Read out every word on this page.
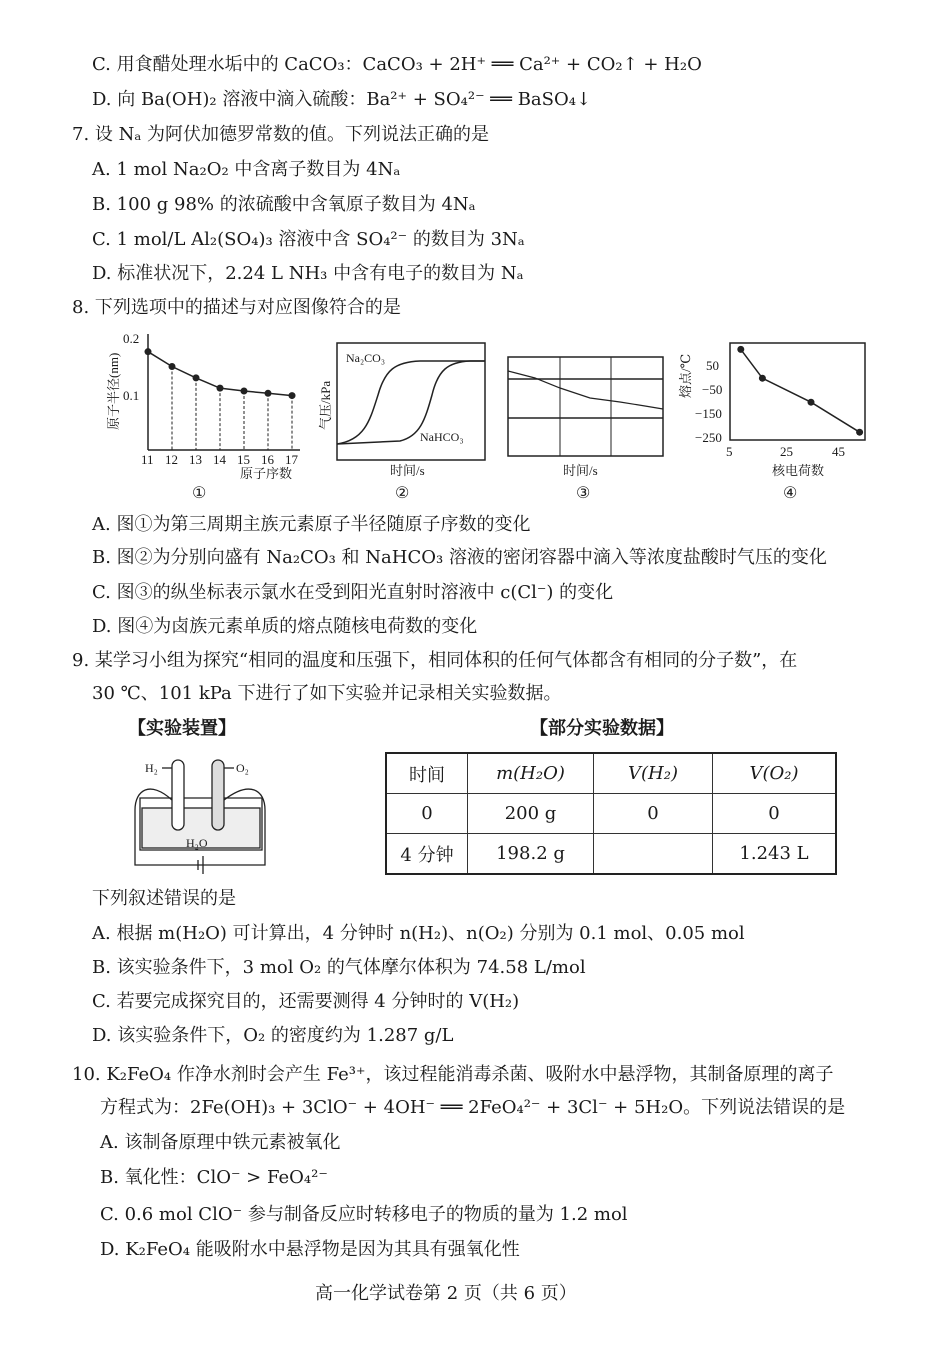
C. 用食醋处理水垢中的 CaCO₃：CaCO₃ + 2H⁺ ══ Ca²⁺ + CO₂↑ + H₂O
D. 向 Ba(OH)₂ 溶液中滴入硫酸：Ba²⁺ + SO₄²⁻ ══ BaSO₄↓
7. 设 Nₐ 为阿伏加德罗常数的值。下列说法正确的是
A. 1 mol Na₂O₂ 中含离子数目为 4Nₐ
B. 100 g 98% 的浓硫酸中含氧原子数目为 4Nₐ
C. 1 mol/L Al₂(SO₄)₃ 溶液中含 SO₄²⁻ 的数目为 3Nₐ
D. 标准状况下，2.24 L NH₃ 中含有电子的数目为 Nₐ
8. 下列选项中的描述与对应图像符合的是
0.2
0.1
原子半径(nm)
原子序数
①
11 12 13 14 15 16 17
Na₂CO₃
NaHCO₃
气压/kPa
时间/s
②
时间/s
③
50
−50
−150
−250
5	25	45
熔点/℃
核电荷数
④
H₂	O₂
H₂O
A. 图①为第三周期主族元素原子半径随原子序数的变化
B. 图②为分别向盛有 Na₂CO₃ 和 NaHCO₃ 溶液的密闭容器中滴入等浓度盐酸时气压的变化
C. 图③的纵坐标表示氯水在受到阳光直射时溶液中 c(Cl⁻) 的变化
D. 图④为卤族元素单质的熔点随核电荷数的变化
9. 某学习小组为探究“相同的温度和压强下，相同体积的任何气体都含有相同的分子数”，在
30 ℃、101 kPa 下进行了如下实验并记录相关实验数据。
【实验装置】	【部分实验数据】
时间	m(H₂O)	V(H₂)	V(O₂)
0	200 g	0	0
4 分钟	198.2 g		1.243 L
下列叙述错误的是
A. 根据 m(H₂O) 可计算出，4 分钟时 n(H₂)、n(O₂) 分别为 0.1 mol、0.05 mol
B. 该实验条件下，3 mol O₂ 的气体摩尔体积为 74.58 L/mol
C. 若要完成探究目的，还需要测得 4 分钟时的 V(H₂)
D. 该实验条件下，O₂ 的密度约为 1.287 g/L
10. K₂FeO₄ 作净水剂时会产生 Fe³⁺，该过程能消毒杀菌、吸附水中悬浮物，其制备原理的离子
方程式为：2Fe(OH)₃ + 3ClO⁻ + 4OH⁻ ══ 2FeO₄²⁻ + 3Cl⁻ + 5H₂O。下列说法错误的是
A. 该制备原理中铁元素被氧化
B. 氧化性：ClO⁻ > FeO₄²⁻
C. 0.6 mol ClO⁻ 参与制备反应时转移电子的物质的量为 1.2 mol
D. K₂FeO₄ 能吸附水中悬浮物是因为其具有强氧化性
高一化学试卷第 2 页（共 6 页）
